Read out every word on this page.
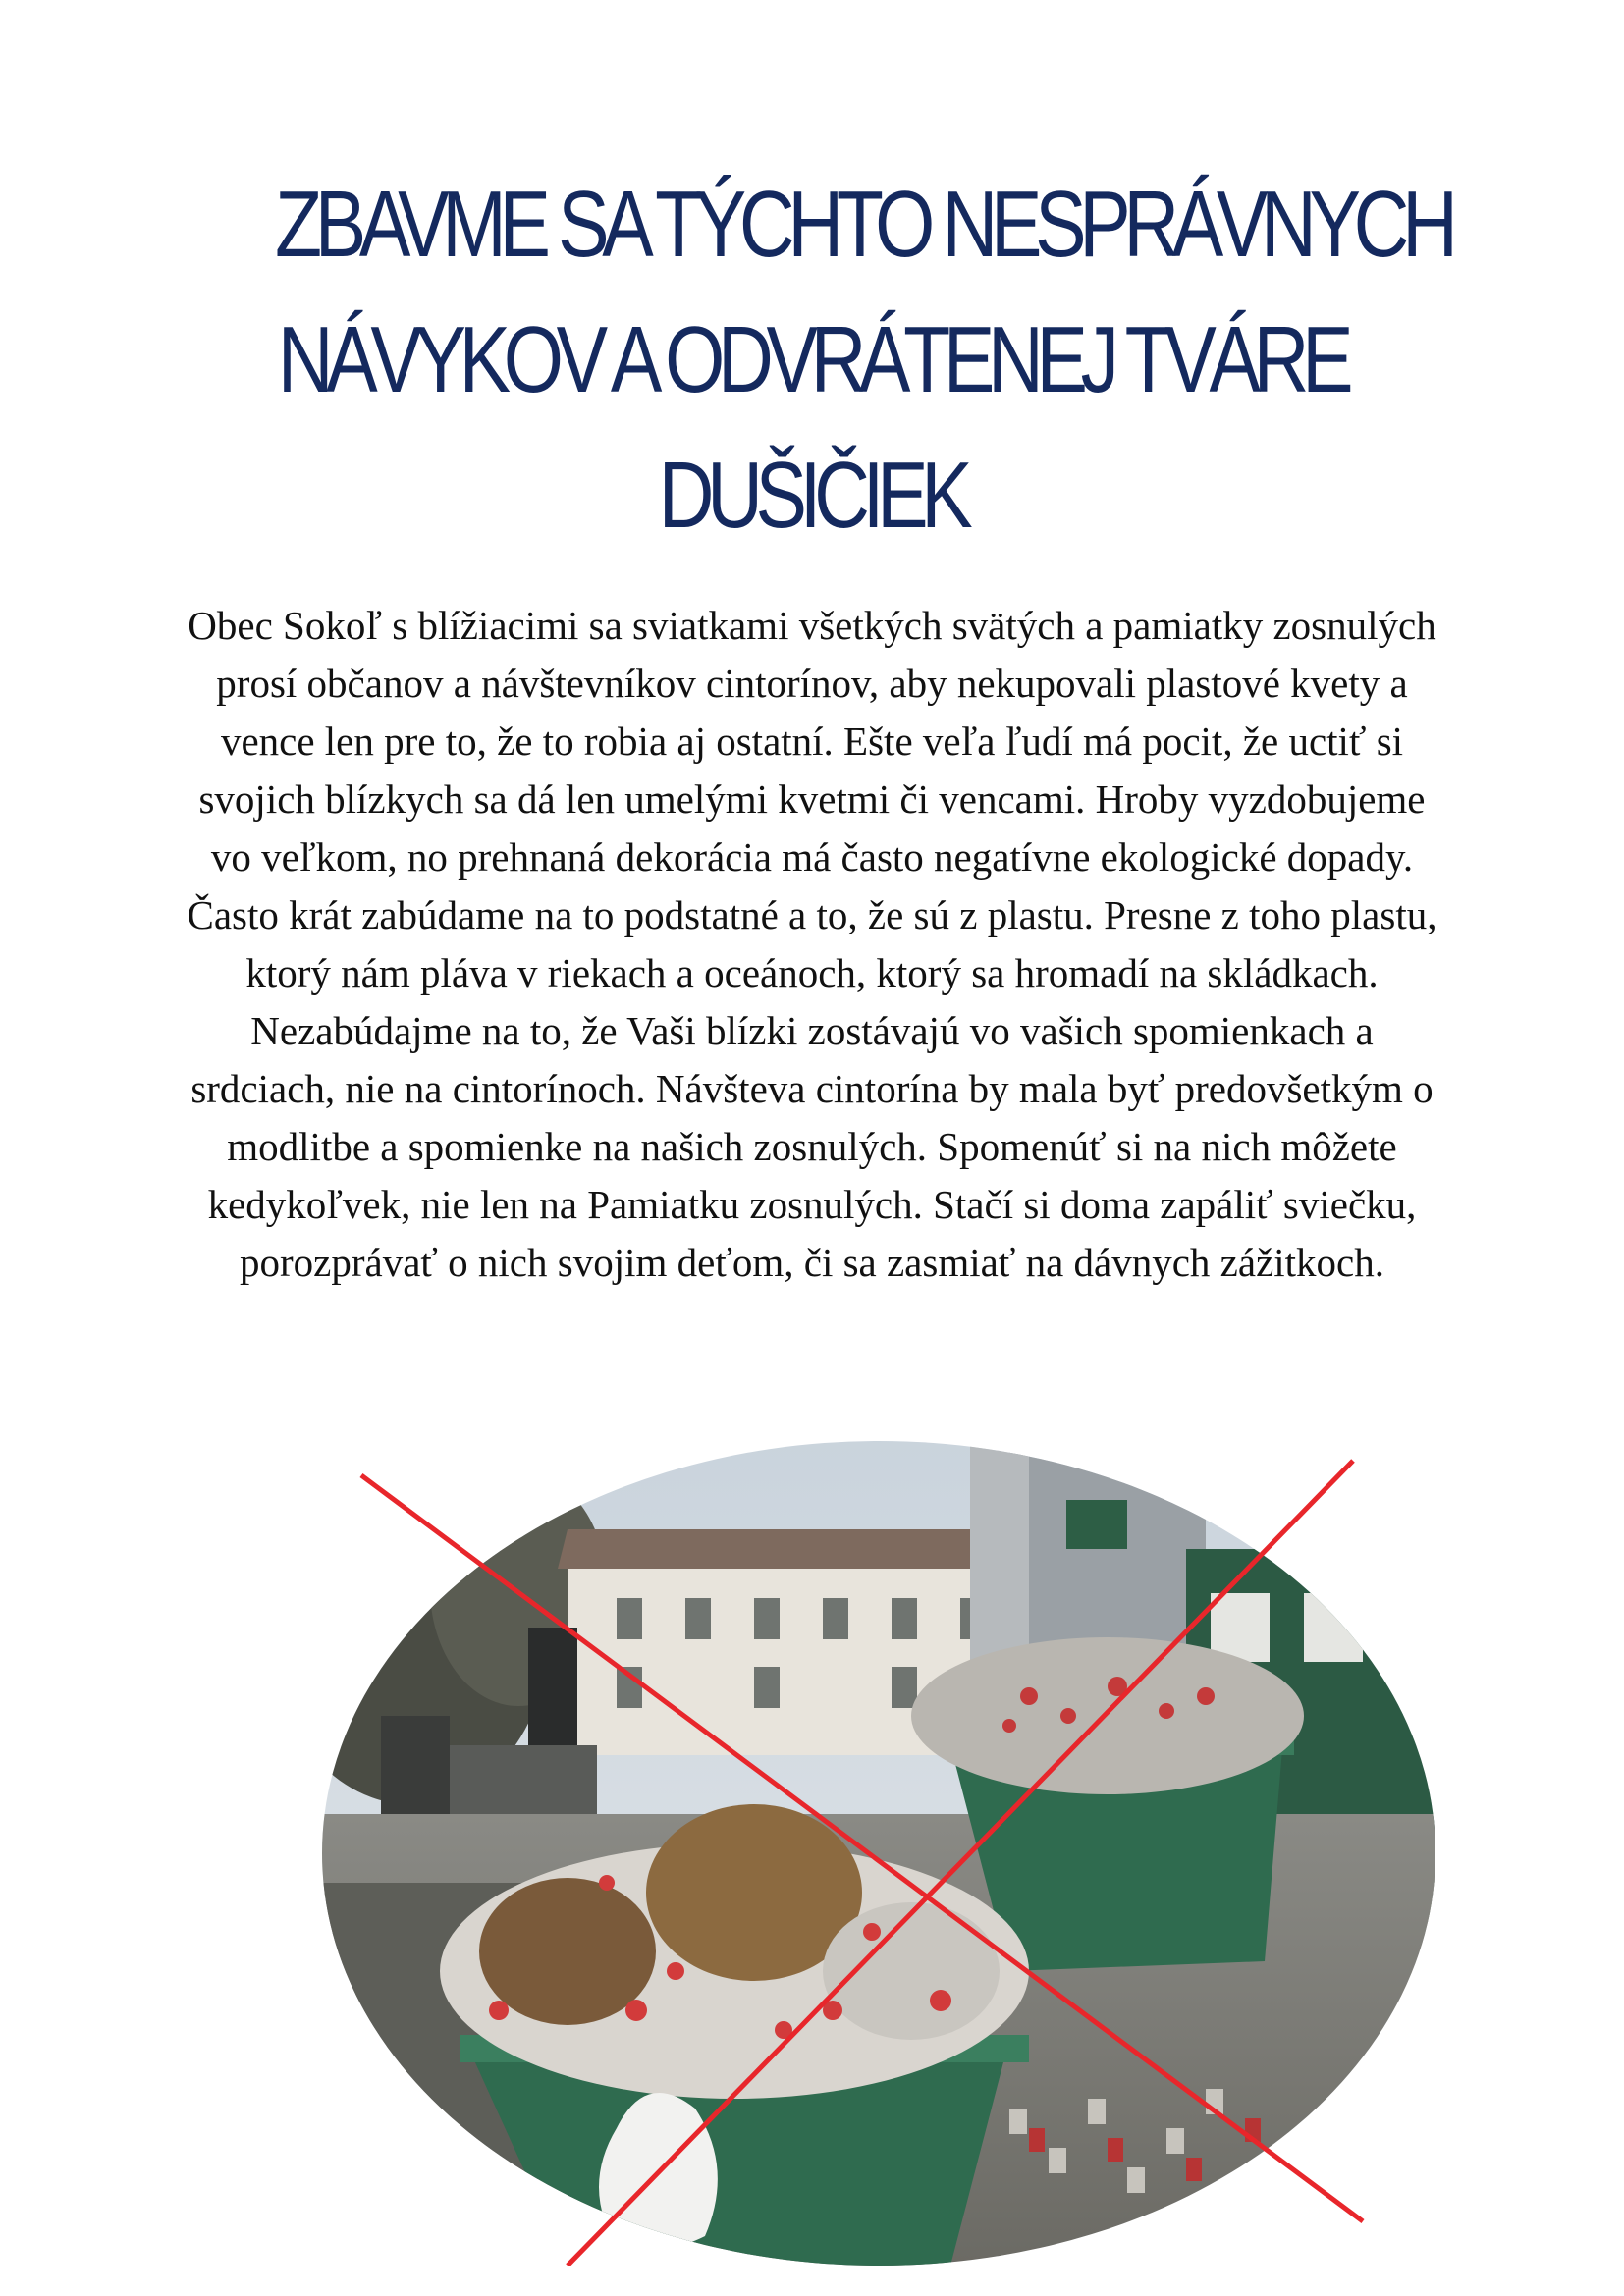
ZBAVME SA TÝCHTO NESPRÁVNYCH
NÁVYKOV A ODVRÁTENEJ TVÁRE
DUŠIČIEK

Obec Sokoľ s blížiacimi sa sviatkami všetkých svätých a pamiatky zosnulých prosí občanov a návštevníkov cintorínov, aby nekupovali plastové kvety a vence len pre to, že to robia aj ostatní. Ešte veľa ľudí má pocit, že uctiť si svojich blízkych sa dá len umelými kvetmi či vencami. Hroby vyzdobujeme vo veľkom, no prehnaná dekorácia má často negatívne ekologické dopady. Často krát zabúdame na to podstatné a to, že sú z plastu. Presne z toho plastu, ktorý nám pláva v riekach a oceánoch, ktorý sa hromadí na skládkach. Nezabúdajme na to, že Vaši blízki zostávajú vo vašich spomienkach a srdciach, nie na cintorínoch. Návšteva cintorína by mala byť predovšetkým o modlitbe a spomienke na našich zosnulých. Spomenúť si na nich môžete kedykoľvek, nie len na Pamiatku zosnulých. Stačí si doma zapáliť sviečku, porozprávať o nich svojim deťom, či sa zasmiať na dávnych zážitkoch.
